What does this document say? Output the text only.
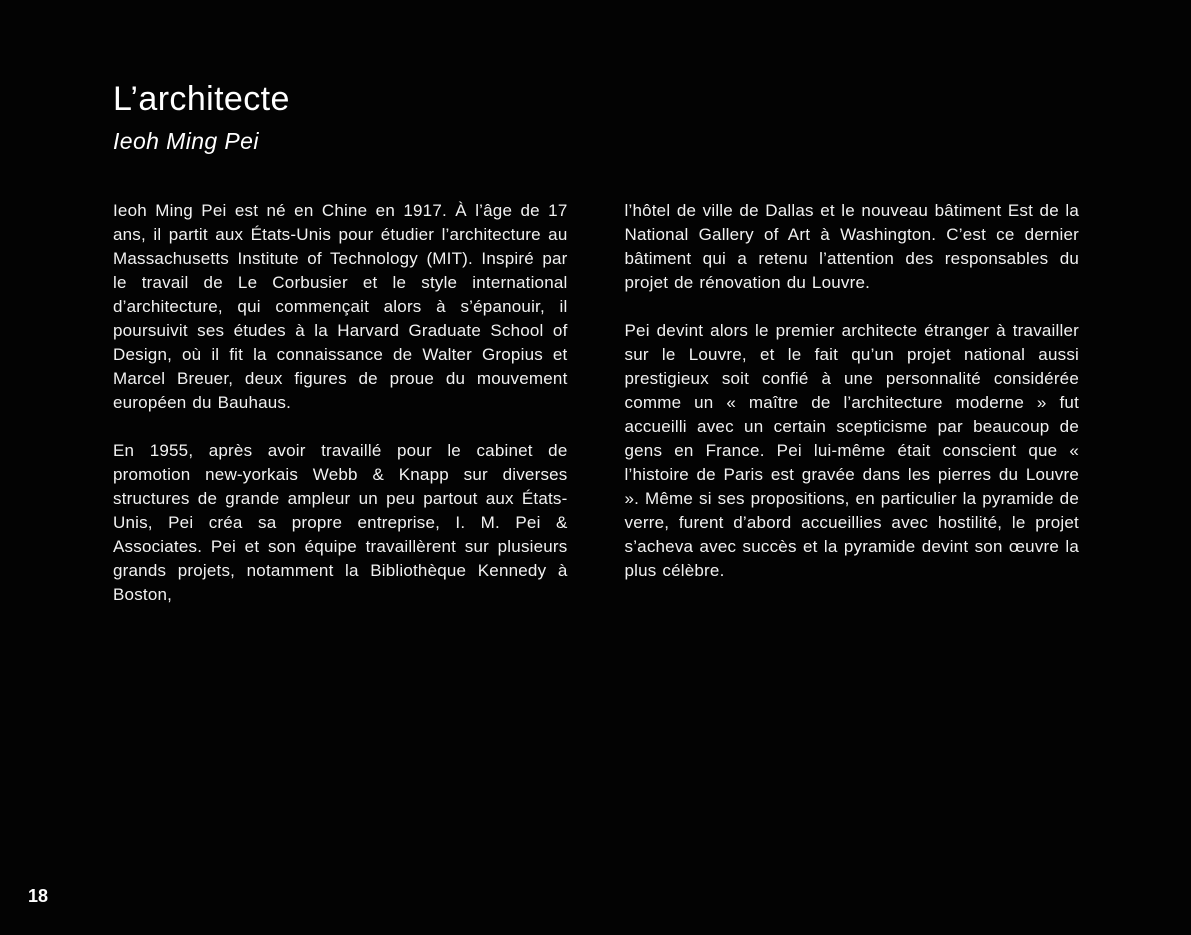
L’architecte
Ieoh Ming Pei

Ieoh Ming Pei est né en Chine en 1917. À l’âge de 17 ans, il partit aux États-Unis pour étudier l’architecture au Massachusetts Institute of Technology (MIT). Inspiré par le travail de Le Corbusier et le style international d’architecture, qui commençait alors à s’épanouir, il poursuivit ses études à la Harvard Graduate School of Design, où il fit la connaissance de Walter Gropius et Marcel Breuer, deux figures de proue du mouvement européen du Bauhaus.

En 1955, après avoir travaillé pour le cabinet de promotion new-yorkais Webb & Knapp sur diverses structures de grande ampleur un peu partout aux États-Unis, Pei créa sa propre entreprise, I. M. Pei & Associates. Pei et son équipe travaillèrent sur plusieurs grands projets, notamment la Bibliothèque Kennedy à Boston,

l’hôtel de ville de Dallas et le nouveau bâtiment Est de la National Gallery of Art à Washington. C’est ce dernier bâtiment qui a retenu l’attention des responsables du projet de rénovation du Louvre.

Pei devint alors le premier architecte étranger à travailler sur le Louvre, et le fait qu’un projet national aussi prestigieux soit confié à une personnalité considérée comme un « maître de l’architecture moderne » fut accueilli avec un certain scepticisme par beaucoup de gens en France. Pei lui-même était conscient que « l’histoire de Paris est gravée dans les pierres du Louvre ». Même si ses propositions, en particulier la pyramide de verre, furent d’abord accueillies avec hostilité, le projet s’acheva avec succès et la pyramide devint son œuvre la plus célèbre.

18
